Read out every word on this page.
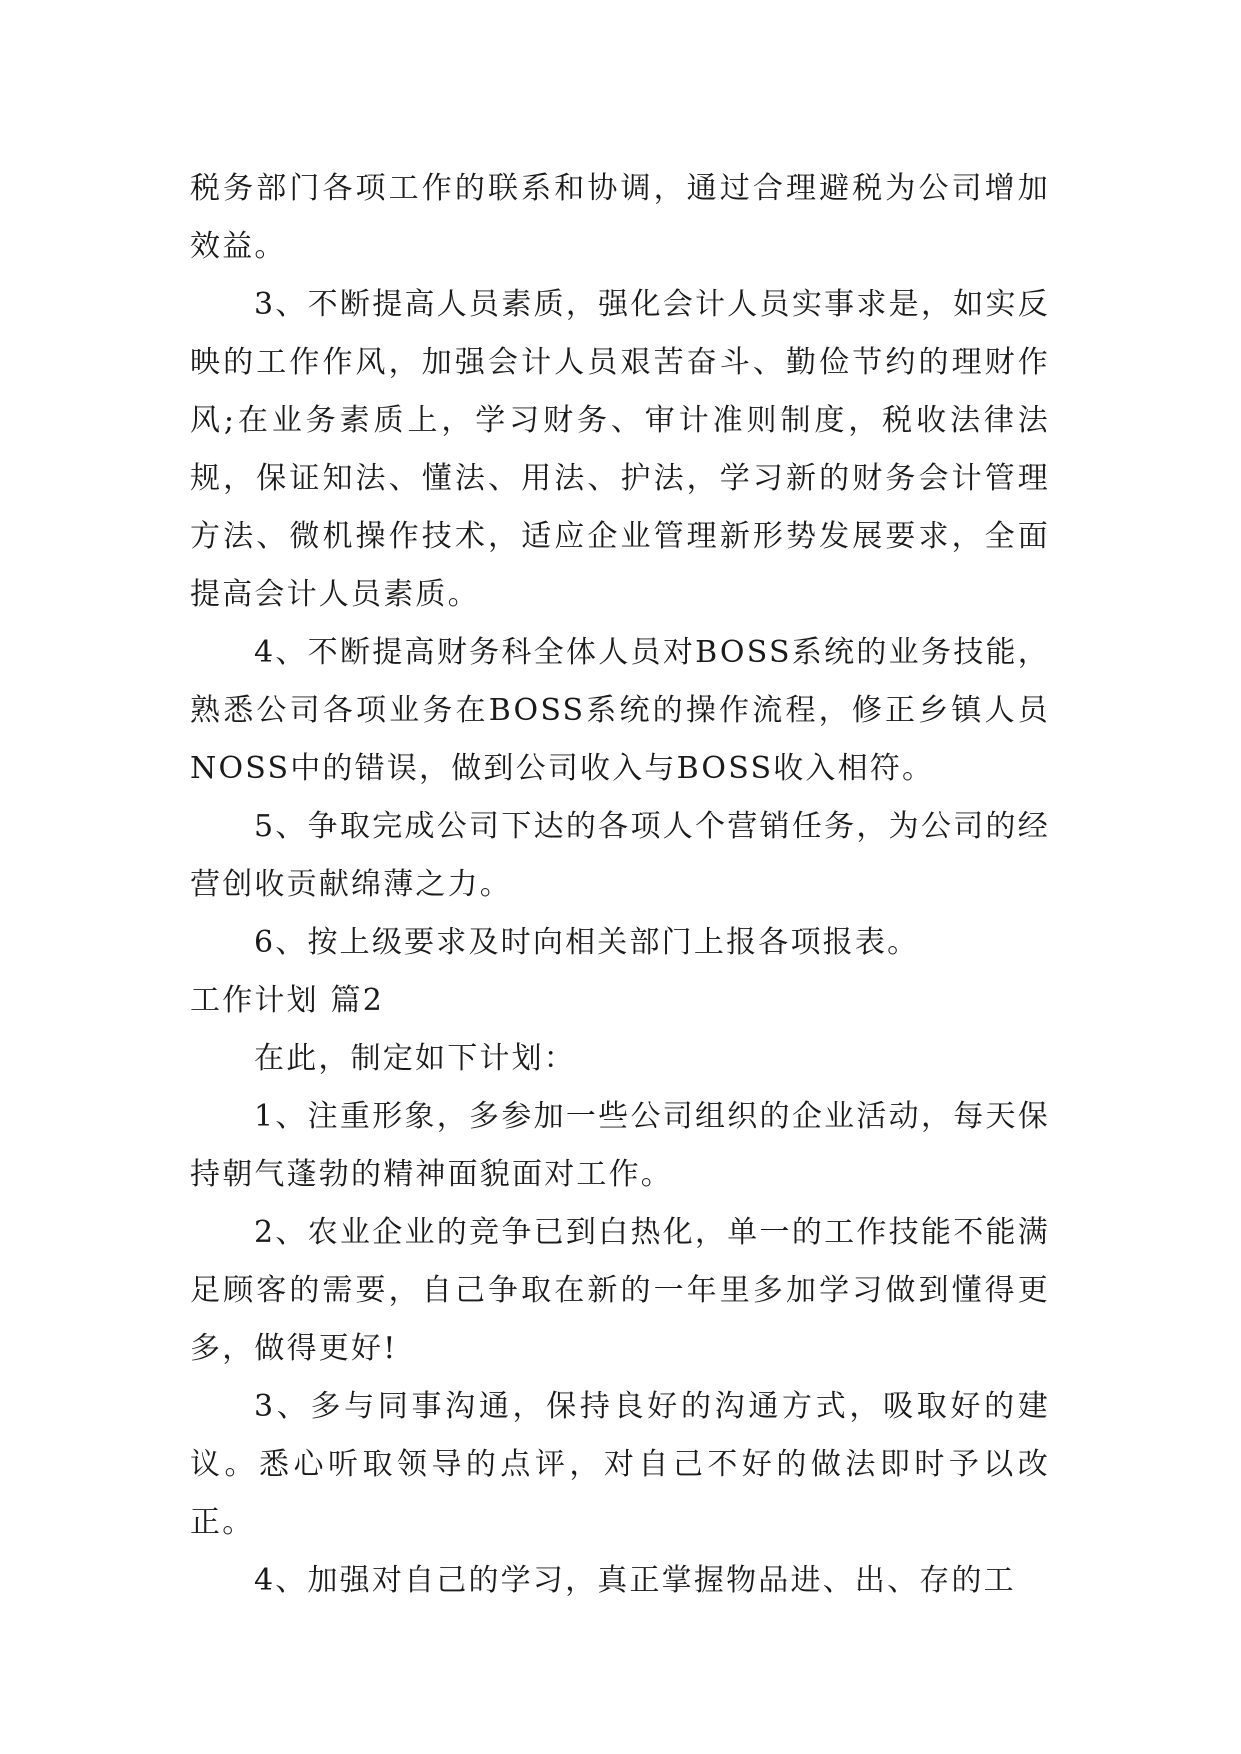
税务部门各项工作的联系和协调，通过合理避税为公司增加效益。

3、不断提高人员素质，强化会计人员实事求是，如实反映的工作作风，加强会计人员艰苦奋斗、勤俭节约的理财作风;在业务素质上，学习财务、审计准则制度，税收法律法规，保证知法、懂法、用法、护法，学习新的财务会计管理方法、微机操作技术，适应企业管理新形势发展要求，全面提高会计人员素质。

4、不断提高财务科全体人员对BOSS系统的业务技能，熟悉公司各项业务在BOSS系统的操作流程，修正乡镇人员NOSS中的错误，做到公司收入与BOSS收入相符。

5、争取完成公司下达的各项人个营销任务，为公司的经营创收贡献绵薄之力。

6、按上级要求及时向相关部门上报各项报表。

工作计划 篇2

在此，制定如下计划：

1、注重形象，多参加一些公司组织的企业活动，每天保持朝气蓬勃的精神面貌面对工作。

2、农业企业的竞争已到白热化，单一的工作技能不能满足顾客的需要，自己争取在新的一年里多加学习做到懂得更多，做得更好!

3、多与同事沟通，保持良好的沟通方式，吸取好的建议。悉心听取领导的点评，对自己不好的做法即时予以改正。

4、加强对自己的学习，真正掌握物品进、出、存的工
